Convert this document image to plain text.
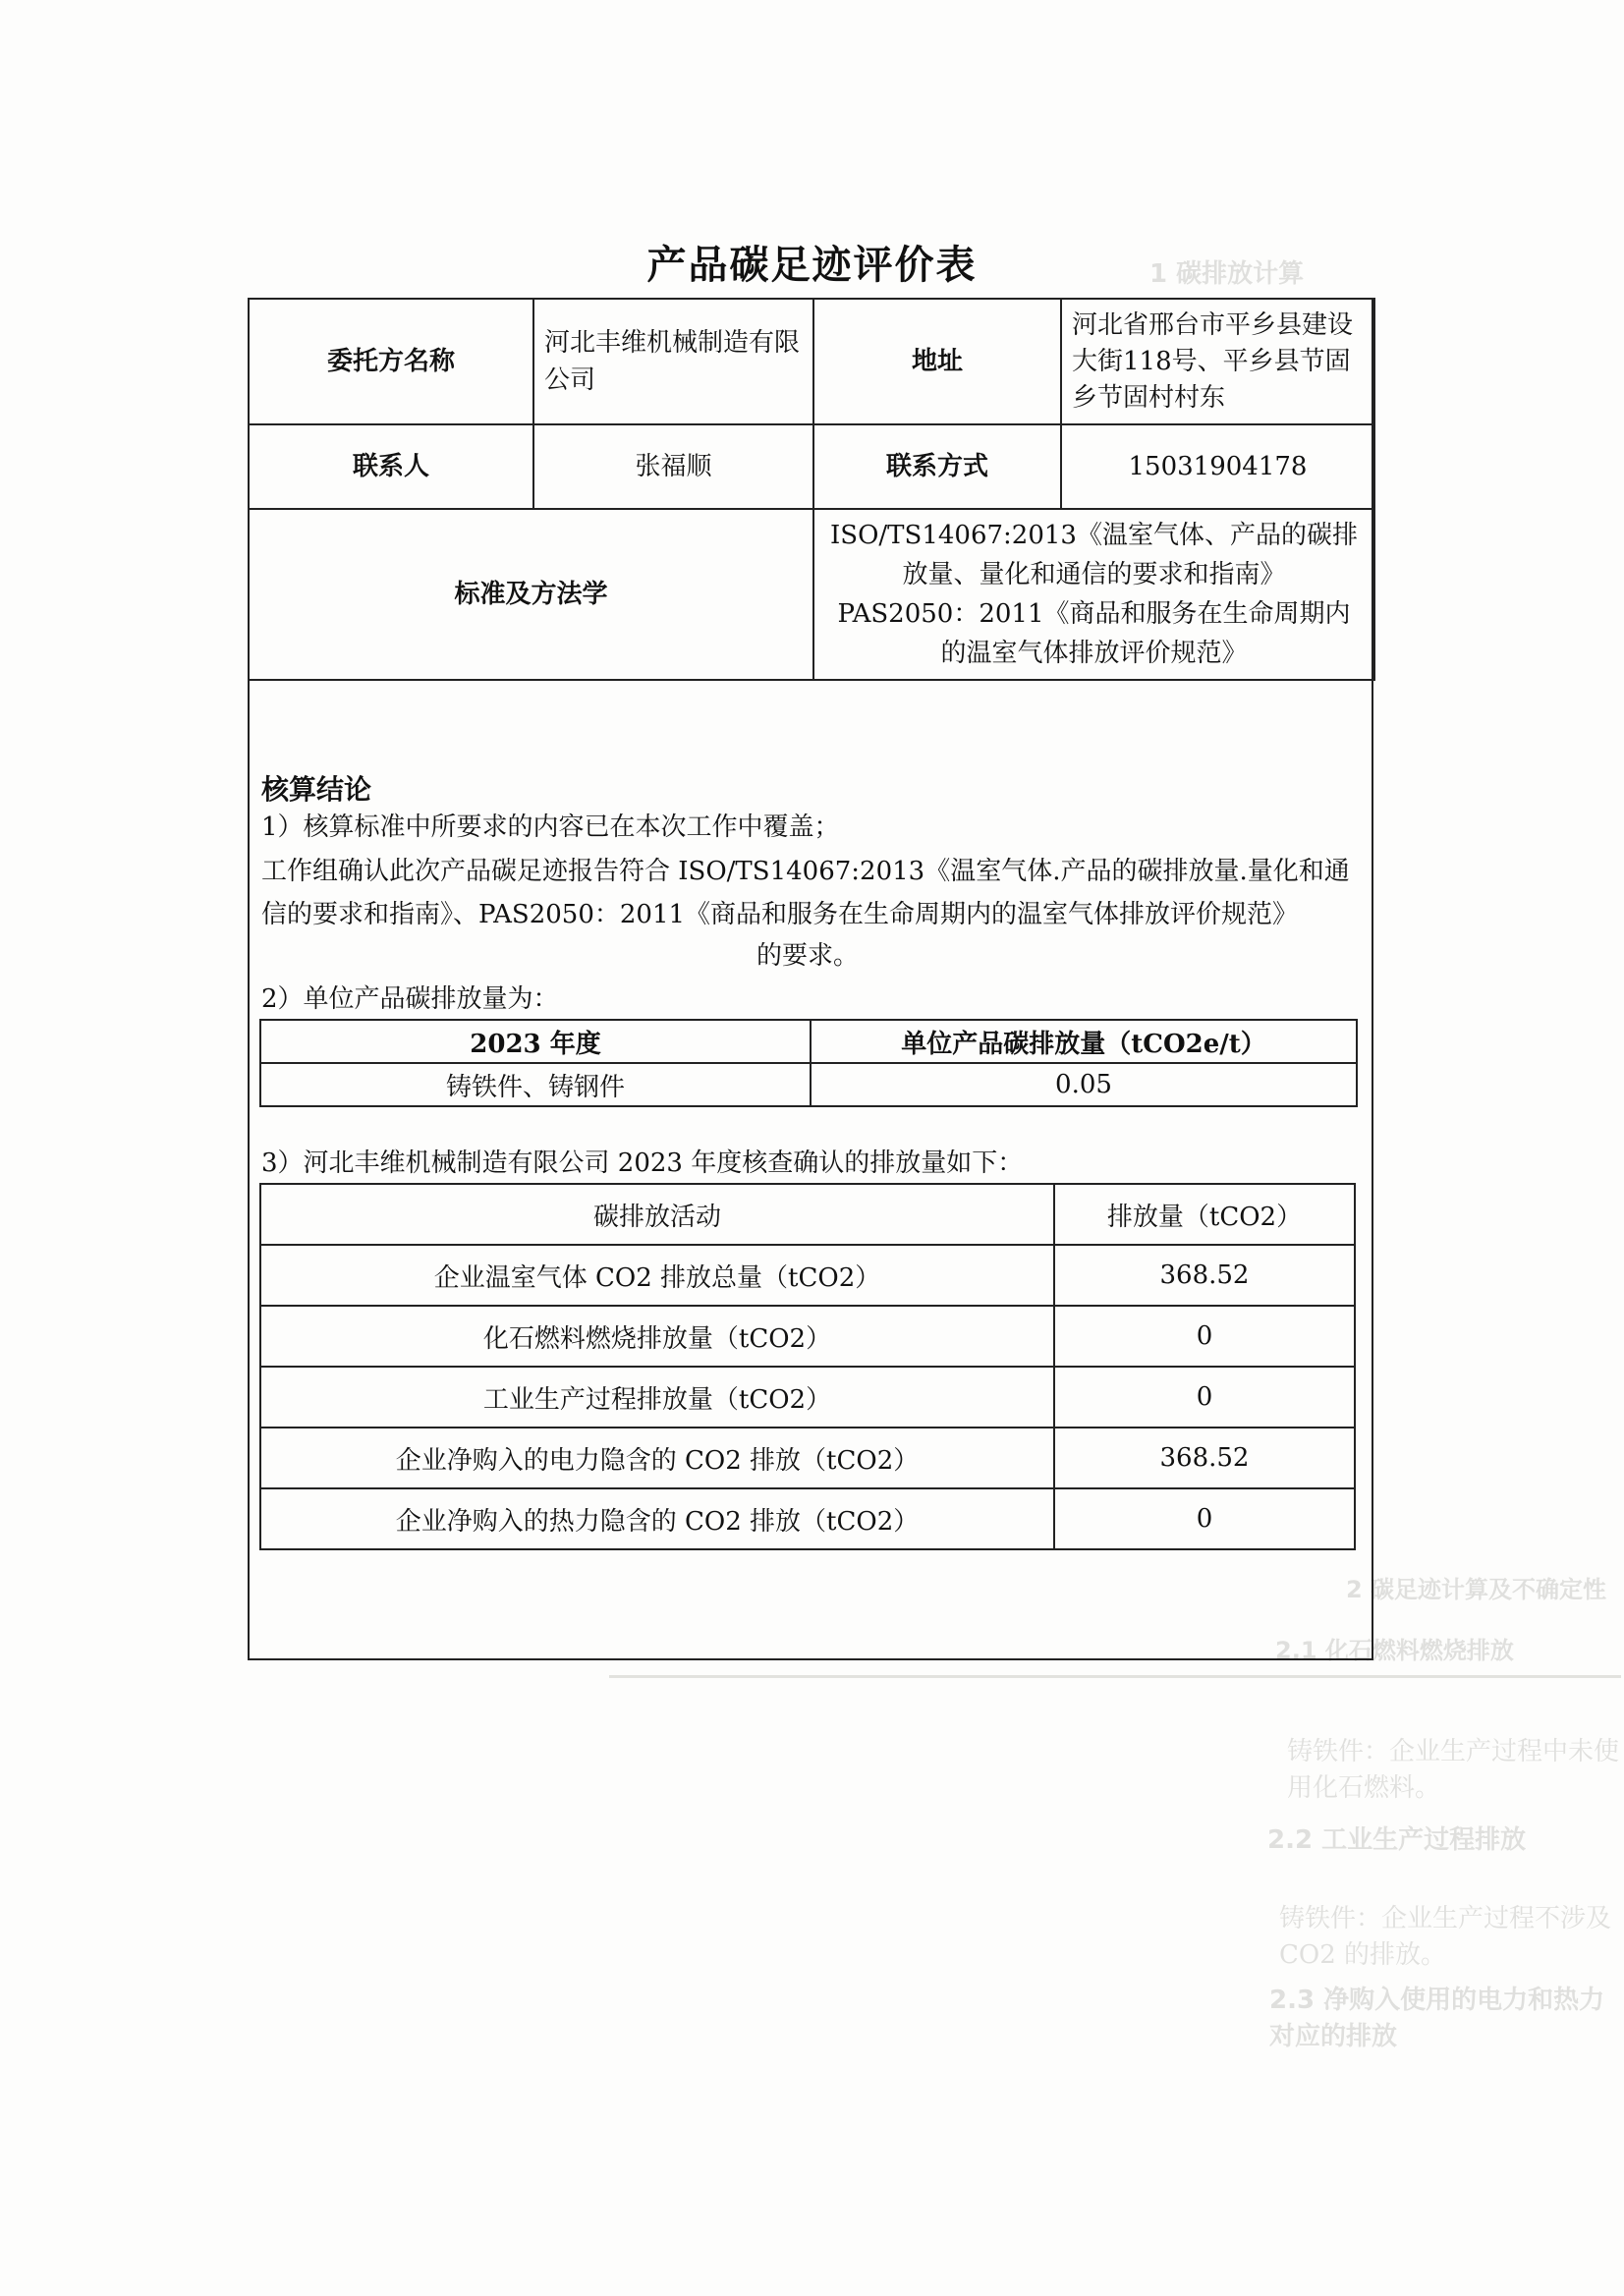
1 碳排放计算
2 碳足迹计算及不确定性
2.1 化石燃料燃烧排放
铸铁件：企业生产过程中未使用化石燃料。
2.2 工业生产过程排放
铸铁件：企业生产过程不涉及 CO2 的排放。
2.3 净购入使用的电力和热力对应的排放
产品碳足迹评价表
委托方名称	河北丰维机械制造有限公司	地址	河北省邢台市平乡县建设大街118号、平乡县节固乡节固村村东
联系人	张福顺	联系方式	15031904178
标准及方法学		ISO/TS14067:2013《温室气体、产品的碳排放量、量化和通信的要求和指南》
PAS2050：2011《商品和服务在生命周期内的温室气体排放评价规范》	
核算结论
1）核算标准中所要求的内容已在本次工作中覆盖；
工作组确认此次产品碳足迹报告符合 ISO/TS14067:2013《温室气体.产品的碳排放量.量化和通信的要求和指南》、PAS2050：2011《商品和服务在生命周期内的温室气体排放评价规范》
的要求。
2）单位产品碳排放量为：
2023 年度	单位产品碳排放量（tCO2e/t）
铸铁件、铸钢件	0.05
3）河北丰维机械制造有限公司 2023 年度核查确认的排放量如下：
碳排放活动	排放量（tCO2）
企业温室气体 CO2 排放总量（tCO2）	368.52
化石燃料燃烧排放量（tCO2）	0
工业生产过程排放量（tCO2）	0
企业净购入的电力隐含的 CO2 排放（tCO2）	368.52
企业净购入的热力隐含的 CO2 排放（tCO2）	0
